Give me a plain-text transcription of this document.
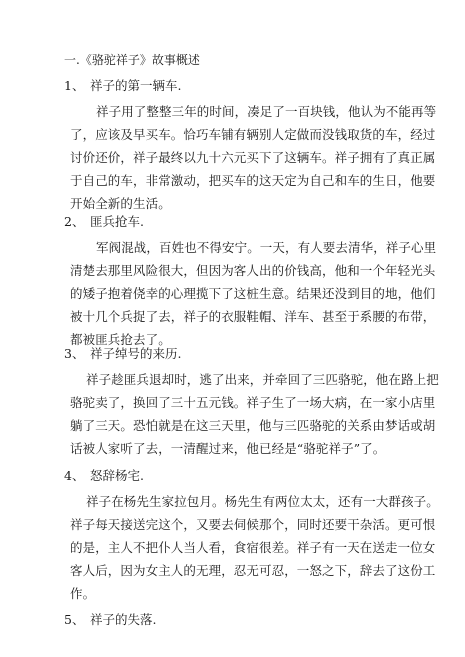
一.《骆驼祥子》故事概述
1、 祥子的第一辆车.
祥子用了整整三年的时间，凑足了一百块钱，他认为不能再等
了，应该及早买车。恰巧车铺有辆别人定做而没钱取货的车，经过
讨价还价，祥子最终以九十六元买下了这辆车。祥子拥有了真正属
于自己的车，非常激动，把买车的这天定为自己和车的生日，他要
开始全新的生活。
2、 匪兵抢车.
军阀混战，百姓也不得安宁。一天，有人要去清华，祥子心里
清楚去那里风险很大，但因为客人出的价钱高，他和一个年轻光头
的矮子抱着侥幸的心理揽下了这桩生意。结果还没到目的地，他们
被十几个兵捉了去，祥子的衣服鞋帽、洋车、甚至于系腰的布带，
都被匪兵抢去了。
3、 祥子绰号的来历.
祥子趁匪兵退却时，逃了出来，并牵回了三匹骆驼，他在路上把
骆驼卖了，换回了三十五元钱。祥子生了一场大病，在一家小店里
躺了三天。恐怕就是在这三天里，他与三匹骆驼的关系由梦话或胡
话被人家听了去，一清醒过来，他已经是“骆驼祥子”了。
4、 怒辞杨宅.
祥子在杨先生家拉包月。杨先生有两位太太，还有一大群孩子。
祥子每天接送完这个，又要去伺候那个，同时还要干杂活。更可恨
的是，主人不把仆人当人看，食宿很差。祥子有一天在送走一位女
客人后，因为女主人的无理，忍无可忍，一怒之下，辞去了这份工
作。
5、 祥子的失落.
